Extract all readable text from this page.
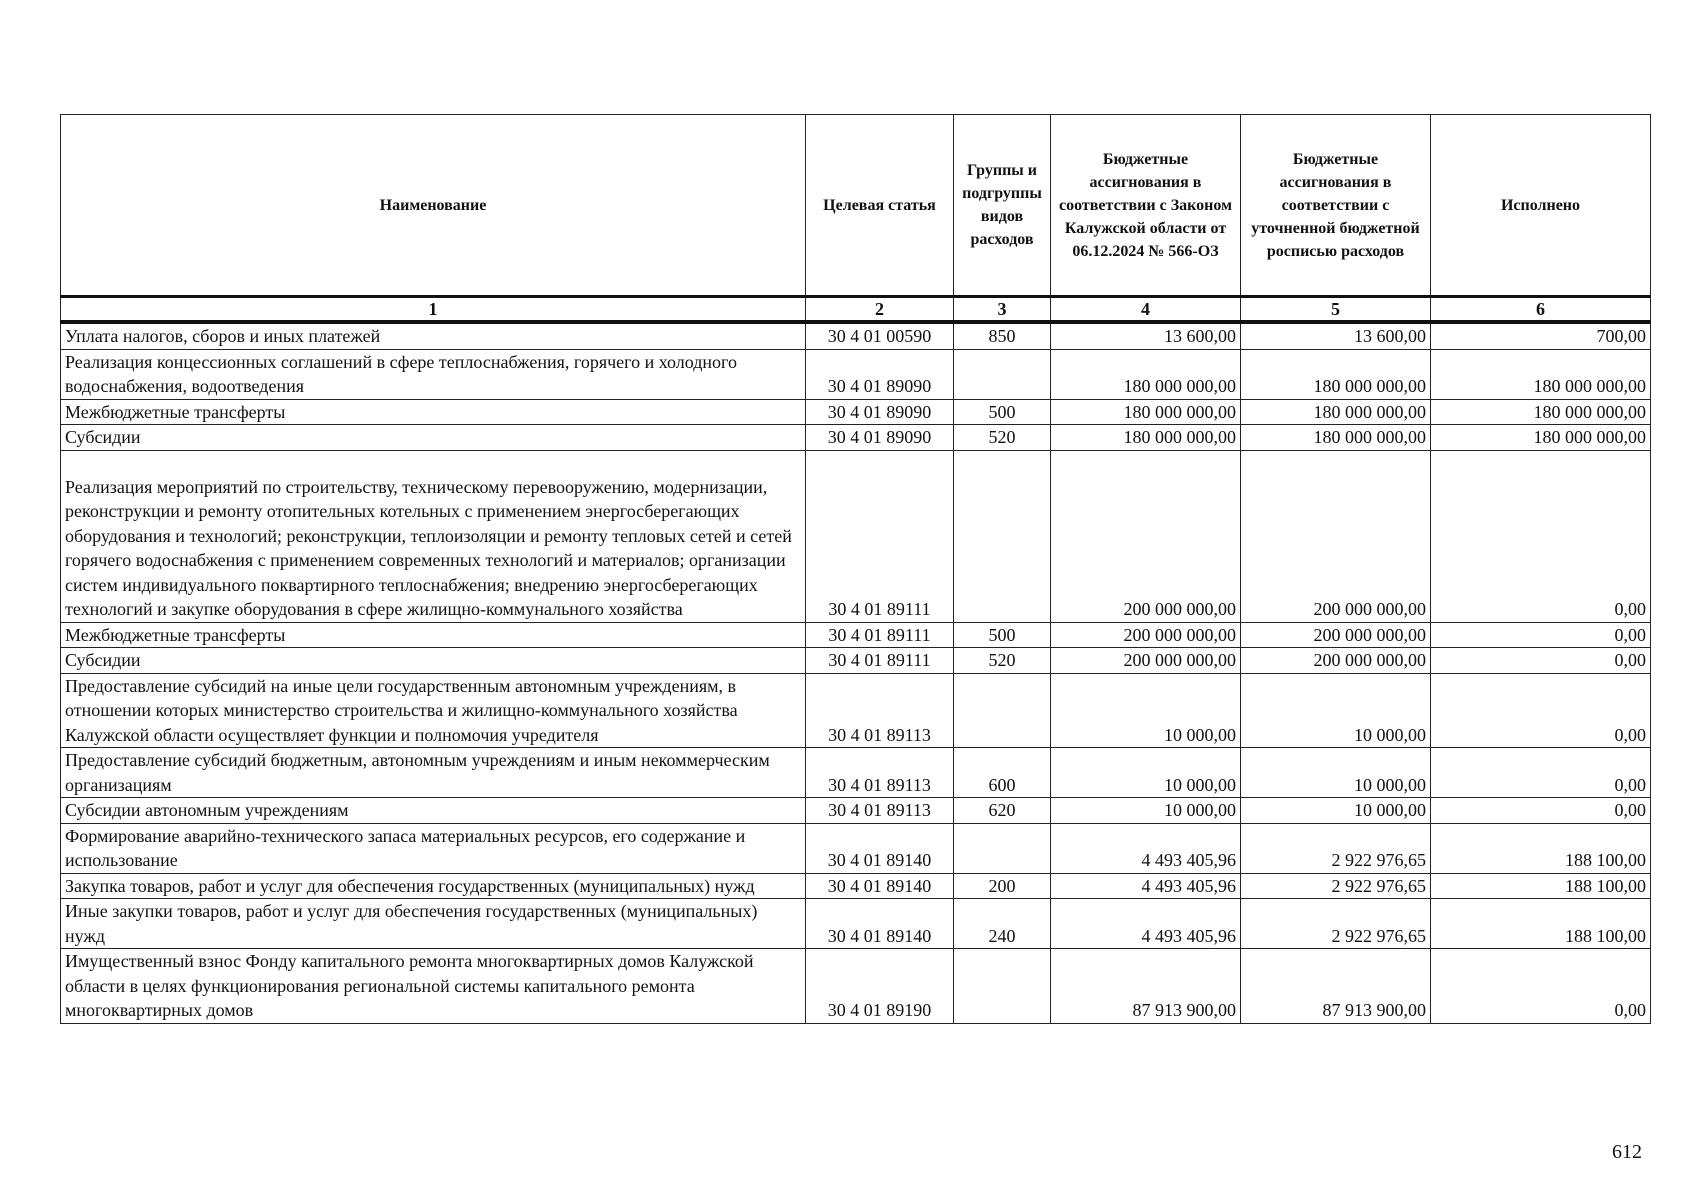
Наименование	Целевая статья	Группы и подгруппы видов расходов	Бюджетные ассигнования в соответствии с Законом Калужской области от 06.12.2024 № 566-ОЗ	Бюджетные ассигнования в соответствии с уточненной бюджетной росписью расходов	Исполнено
1	2	3	4	5	6
Уплата налогов, сборов и иных платежей	30 4 01 00590	850	13 600,00	13 600,00	700,00
Реализация концессионных соглашений в сфере теплоснабжения, горячего и холодного водоснабжения, водоотведения	30 4 01 89090		180 000 000,00	180 000 000,00	180 000 000,00
Межбюджетные трансферты	30 4 01 89090	500	180 000 000,00	180 000 000,00	180 000 000,00
Субсидии	30 4 01 89090	520	180 000 000,00	180 000 000,00	180 000 000,00
Реализация мероприятий по строительству, техническому перевооружению, модернизации, реконструкции и ремонту отопительных котельных с применением энергосберегающих оборудования и технологий; реконструкции, теплоизоляции и ремонту тепловых сетей и сетей горячего водоснабжения с применением современных технологий и материалов; организации систем индивидуального поквартирного теплоснабжения; внедрению энергосберегающих технологий и закупке оборудования в сфере жилищно-коммунального хозяйства	30 4 01 89111		200 000 000,00	200 000 000,00	0,00
Межбюджетные трансферты	30 4 01 89111	500	200 000 000,00	200 000 000,00	0,00
Субсидии	30 4 01 89111	520	200 000 000,00	200 000 000,00	0,00
Предоставление субсидий на иные цели государственным автономным учреждениям, в отношении которых министерство строительства и жилищно-коммунального хозяйства Калужской области осуществляет функции и полномочия учредителя	30 4 01 89113		10 000,00	10 000,00	0,00
Предоставление субсидий бюджетным, автономным учреждениям и иным некоммерческим организациям	30 4 01 89113	600	10 000,00	10 000,00	0,00
Субсидии автономным учреждениям	30 4 01 89113	620	10 000,00	10 000,00	0,00
Формирование аварийно-технического запаса материальных ресурсов, его содержание и использование	30 4 01 89140		4 493 405,96	2 922 976,65	188 100,00
Закупка товаров, работ и услуг для обеспечения государственных (муниципальных) нужд	30 4 01 89140	200	4 493 405,96	2 922 976,65	188 100,00
Иные закупки товаров, работ и услуг для обеспечения государственных (муниципальных) нужд	30 4 01 89140	240	4 493 405,96	2 922 976,65	188 100,00
Имущественный взнос Фонду капитального ремонта многоквартирных домов Калужской области в целях функционирования региональной системы капитального ремонта многоквартирных домов	30 4 01 89190		87 913 900,00	87 913 900,00	0,00
612
